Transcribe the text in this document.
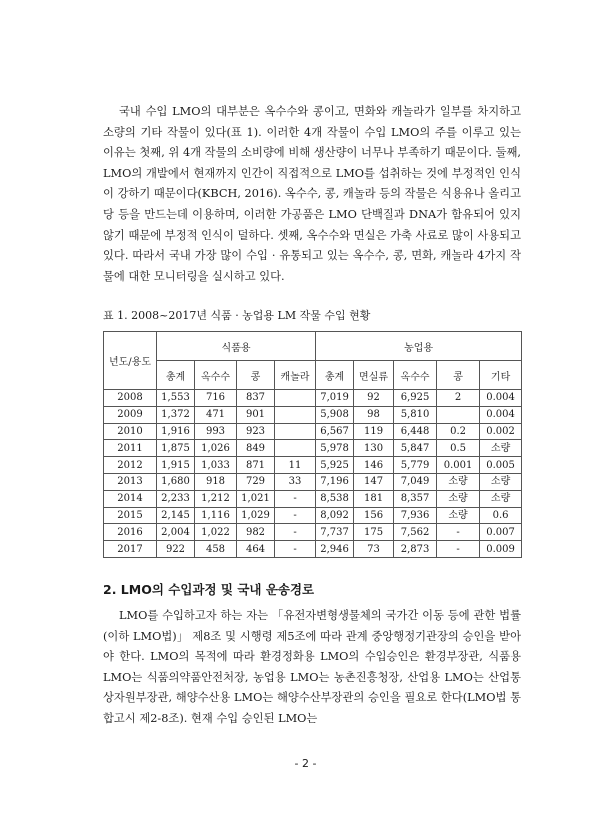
국내 수입 LMO의 대부분은 옥수수와 콩이고, 면화와 캐놀라가 일부를 차지하고 소량의 기타 작물이 있다(표 1). 이러한 4개 작물이 수입 LMO의 주를 이루고 있는 이유는 첫째, 위 4개 작물의 소비량에 비해 생산량이 너무나 부족하기 때문이다. 둘째, LMO의 개발에서 현재까지 인간이 직접적으로 LMO를 섭취하는 것에 부정적인 인식이 강하기 때문이다(KBCH, 2016). 옥수수, 콩, 캐놀라 등의 작물은 식용유나 올리고당 등을 만드는데 이용하며, 이러한 가공품은 LMO 단백질과 DNA가 함유되어 있지 않기 때문에 부정적 인식이 덜하다. 셋째, 옥수수와 면실은 가축 사료로 많이 사용되고 있다. 따라서 국내 가장 많이 수입 · 유통되고 있는 옥수수, 콩, 면화, 캐놀라 4가지 작물에 대한 모니터링을 실시하고 있다.

표 1. 2008~2017년 식품 · 농업용 LM 작물 수입 현황
년도/용도	식품용				농업용				
	총계	옥수수	콩	캐놀라	총계	면실류	옥수수	콩	기타
2008	1,553	716	837		7,019	92	6,925	2	0.004
2009	1,372	471	901		5,908	98	5,810		0.004
2010	1,916	993	923		6,567	119	6,448	0.2	0.002
2011	1,875	1,026	849		5,978	130	5,847	0.5	소량
2012	1,915	1,033	871	11	5,925	146	5,779	0.001	0.005
2013	1,680	918	729	33	7,196	147	7,049	소량	소량
2014	2,233	1,212	1,021	-	8,538	181	8,357	소량	소량
2015	2,145	1,116	1,029	-	8,092	156	7,936	소량	0.6
2016	2,004	1,022	982	-	7,737	175	7,562	-	0.007
2017	922	458	464	-	2,946	73	2,873	-	0.009
2. LMO의 수입과정 및 국내 운송경로

LMO를 수입하고자 하는 자는 「유전자변형생물체의 국가간 이동 등에 관한 법률(이하 LMO법)」 제8조 및 시행령 제5조에 따라 관계 중앙행정기관장의 승인을 받아야 한다. LMO의 목적에 따라 환경정화용 LMO의 수입승인은 환경부장관, 식품용 LMO는 식품의약품안전처장, 농업용 LMO는 농촌진흥청장, 산업용 LMO는 산업통상자원부장관, 해양수산용 LMO는 해양수산부장관의 승인을 필요로 한다(LMO법 통합고시 제2-8조). 현재 수입 승인된 LMO는

- 2 -
